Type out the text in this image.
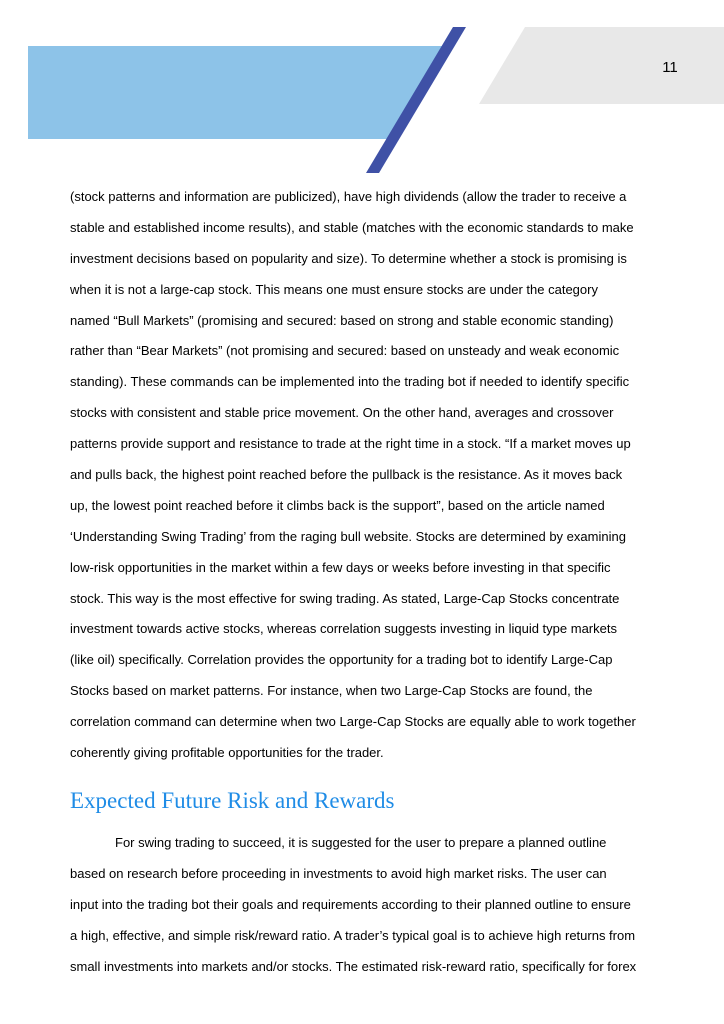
11
(stock patterns and information are publicized), have high dividends (allow the trader to receive a
stable and established income results), and stable (matches with the economic standards to make
investment decisions based on popularity and size). To determine whether a stock is promising is
when it is not a large-cap stock. This means one must ensure stocks are under the category
named “Bull Markets” (promising and secured: based on strong and stable economic standing)
rather than “Bear Markets” (not promising and secured: based on unsteady and weak economic
standing). These commands can be implemented into the trading bot if needed to identify specific
stocks with consistent and stable price movement. On the other hand, averages and crossover
patterns provide support and resistance to trade at the right time in a stock. “If a market moves up
and pulls back, the highest point reached before the pullback is the resistance. As it moves back
up, the lowest point reached before it climbs back is the support”, based on the article named
‘Understanding Swing Trading’ from the raging bull website. Stocks are determined by examining
low-risk opportunities in the market within a few days or weeks before investing in that specific
stock. This way is the most effective for swing trading. As stated, Large-Cap Stocks concentrate
investment towards active stocks, whereas correlation suggests investing in liquid type markets
(like oil) specifically. Correlation provides the opportunity for a trading bot to identify Large-Cap
Stocks based on market patterns. For instance, when two Large-Cap Stocks are found, the
correlation command can determine when two Large-Cap Stocks are equally able to work together
coherently giving profitable opportunities for the trader.
Expected Future Risk and Rewards
For swing trading to succeed, it is suggested for the user to prepare a planned outline
based on research before proceeding in investments to avoid high market risks. The user can
input into the trading bot their goals and requirements according to their planned outline to ensure
a high, effective, and simple risk/reward ratio. A trader’s typical goal is to achieve high returns from
small investments into markets and/or stocks. The estimated risk-reward ratio, specifically for forex
